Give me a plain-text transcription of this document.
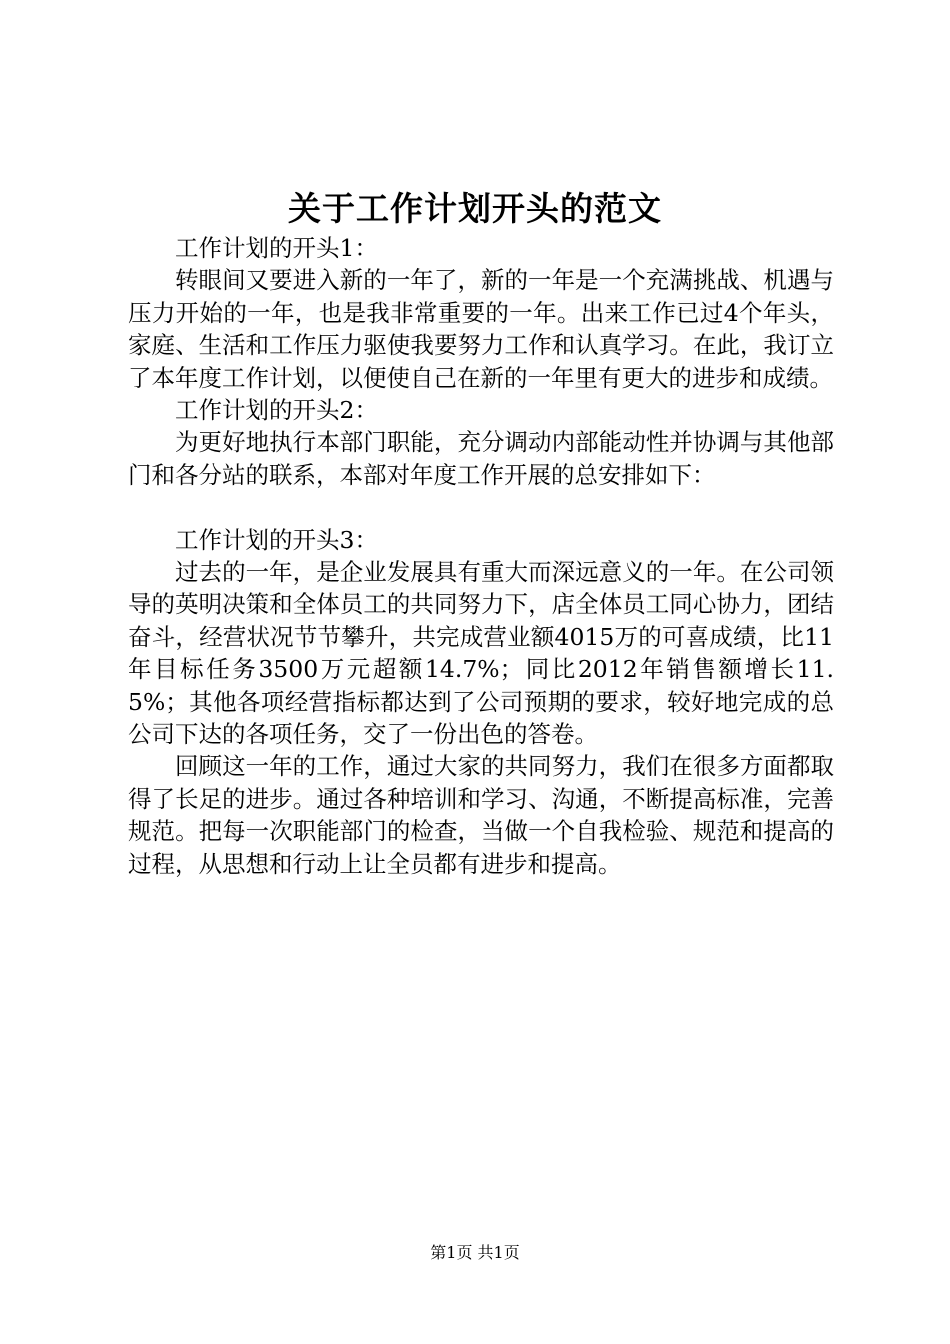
关于工作计划开头的范文

工作计划的开头1：

转眼间又要进入新的一年了，新的一年是一个充满挑战、机遇与压力开始的一年，也是我非常重要的一年。出来工作已过4个年头，家庭、生活和工作压力驱使我要努力工作和认真学习。在此，我订立了本年度工作计划，以便使自己在新的一年里有更大的进步和成绩。

工作计划的开头2：

为更好地执行本部门职能，充分调动内部能动性并协调与其他部门和各分站的联系，本部对年度工作开展的总安排如下：

工作计划的开头3：

过去的一年，是企业发展具有重大而深远意义的一年。在公司领导的英明决策和全体员工的共同努力下，店全体员工同心协力，团结奋斗，经营状况节节攀升，共完成营业额4015万的可喜成绩，比11年目标任务3500万元超额14.7%；同比2012年销售额增长11.5%；其他各项经营指标都达到了公司预期的要求，较好地完成的总公司下达的各项任务，交了一份出色的答卷。

回顾这一年的工作，通过大家的共同努力，我们在很多方面都取得了长足的进步。通过各种培训和学习、沟通，不断提高标准，完善规范。把每一次职能部门的检查，当做一个自我检验、规范和提高的过程，从思想和行动上让全员都有进步和提高。

第1页 共1页
